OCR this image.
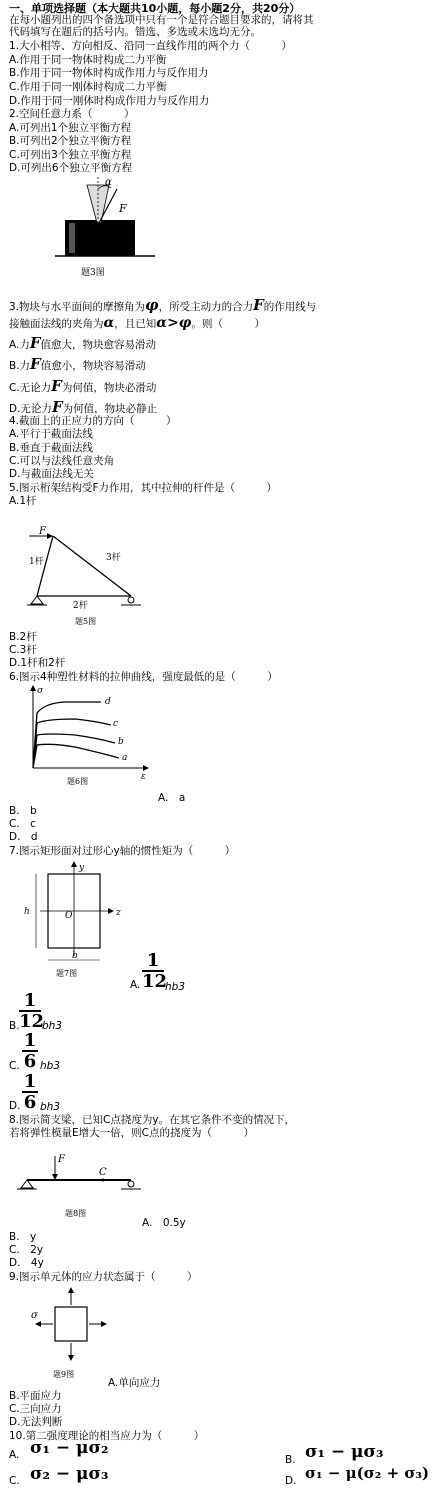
一、单项选择题（本大题共10小题，每小题2分，共20分）
在每小题列出的四个备选项中只有一个是符合题目要求的，请将其
代码填写在题后的括号内。错选、多选或未选均无分。
1.大小相等、方向相反、沿同一直线作用的两个力（　　　）
A.作用于同一物体时构成二力平衡
B.作用于同一物体时构成作用力与反作用力
C.作用于同一刚体时构成二力平衡
D.作用于同一刚体时构成作用力与反作用力
2.空间任意力系（　　　）
A.可列出1个独立平衡方程
B.可列出2个独立平衡方程
C.可列出3个独立平衡方程
D.可列出6个独立平衡方程
α
F
题3图
3.物块与水平面间的摩擦角为φ，所受主动力的合力F的作用线与
接触面法线的夹角为α，且已知α>φ。则（　　　）
A.力F值愈大，物块愈容易滑动
B.力F值愈小，物块容易滑动
C.无论力F为何值，物块必滑动
D.无论力F为何值，物块必静止
4.截面上的正应力的方向（　　　）
A.平行于截面法线
B.垂直于截面法线
C.可以与法线任意夹角
D.与截面法线无关
5.图示桁架结构受F力作用，其中拉伸的杆件是（　　　）
A.1杆
F
1杆	3杆
2杆
题5图
B.2杆
C.3杆
D.1杆和2杆
6.图示4种塑性材料的拉伸曲线，强度最低的是（　　　）
σ
ε
d
c
b
a
题6图
A.　a
B.　b
C.　c
D.　d
7.图示矩形面对过形心y轴的惯性矩为（　　　）
y
z
O
h
b
题7图
A.
1
12
hb3
1
12
B. bh3
1
6
C. hb3
1
6
D. bh3
8.图示简支梁，已知C点挠度为y。在其它条件不变的情况下，
若将弹性模量E增大一倍，则C点的挠度为（　　　）
F
C
题8图
A.　0.5y
B.　y
C.　2y
D.　4y
9.图示单元体的应力状态属于（　　　）
σ
题9图
A.单向应力
B.平面应力
C.三向应力
D.无法判断
10.第二强度理论的相当应力为（　　　）
A. σ₁ − μσ₂
B. σ₁ − μσ₃
C. σ₂ − μσ₃	D. σ₁ − μ(σ₂ + σ₃)
